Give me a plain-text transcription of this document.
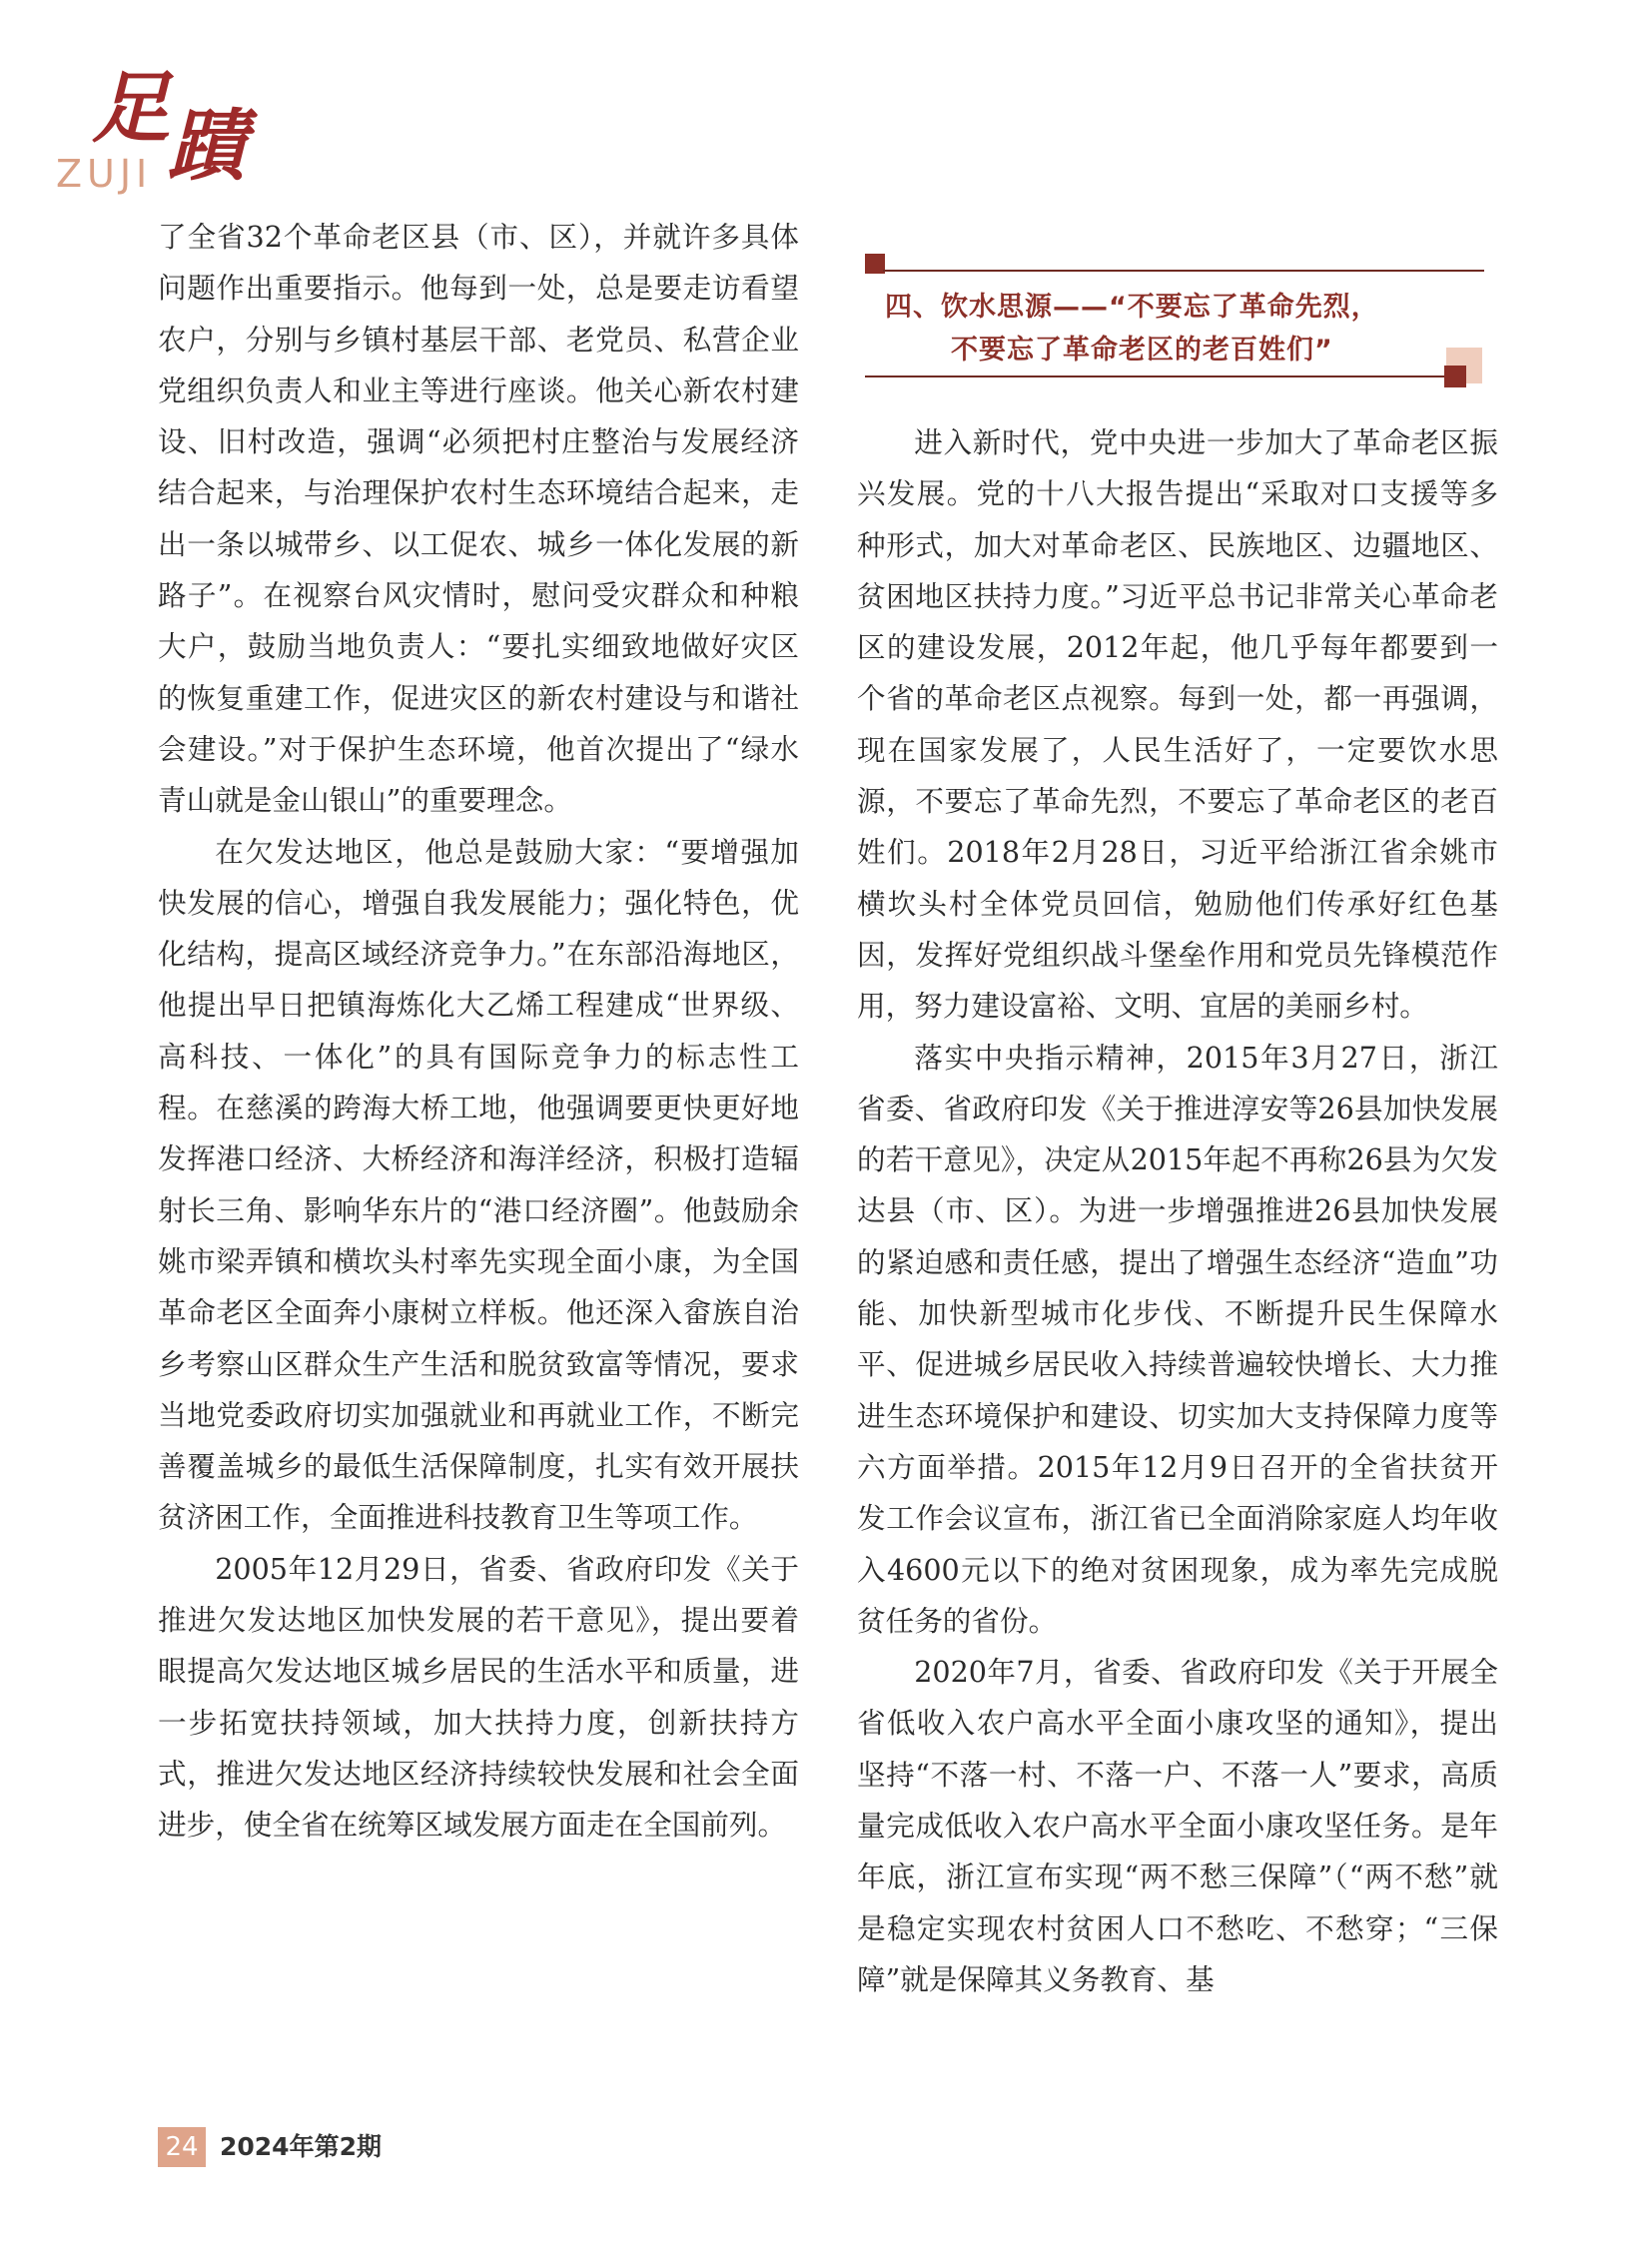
足蹟
ZUJI

了全省32个革命老区县（市、区），并就许多具体问题作出重要指示。他每到一处，总是要走访看望农户，分别与乡镇村基层干部、老党员、私营企业党组织负责人和业主等进行座谈。他关心新农村建设、旧村改造，强调“必须把村庄整治与发展经济结合起来，与治理保护农村生态环境结合起来，走出一条以城带乡、以工促农、城乡一体化发展的新路子”。在视察台风灾情时，慰问受灾群众和种粮大户，鼓励当地负责人：“要扎实细致地做好灾区的恢复重建工作，促进灾区的新农村建设与和谐社会建设。”对于保护生态环境，他首次提出了“绿水青山就是金山银山”的重要理念。

在欠发达地区，他总是鼓励大家：“要增强加快发展的信心，增强自我发展能力；强化特色，优化结构，提高区域经济竞争力。”在东部沿海地区，他提出早日把镇海炼化大乙烯工程建成“世界级、高科技、一体化”的具有国际竞争力的标志性工程。在慈溪的跨海大桥工地，他强调要更快更好地发挥港口经济、大桥经济和海洋经济，积极打造辐射长三角、影响华东片的“港口经济圈”。他鼓励余姚市梁弄镇和横坎头村率先实现全面小康，为全国革命老区全面奔小康树立样板。他还深入畲族自治乡考察山区群众生产生活和脱贫致富等情况，要求当地党委政府切实加强就业和再就业工作，不断完善覆盖城乡的最低生活保障制度，扎实有效开展扶贫济困工作，全面推进科技教育卫生等项工作。

2005年12月29日，省委、省政府印发《关于推进欠发达地区加快发展的若干意见》，提出要着眼提高欠发达地区城乡居民的生活水平和质量，进一步拓宽扶持领域，加大扶持力度，创新扶持方式，推进欠发达地区经济持续较快发展和社会全面进步，使全省在统筹区域发展方面走在全国前列。

四、饮水思源——“不要忘了革命先烈，
不要忘了革命老区的老百姓们”

进入新时代，党中央进一步加大了革命老区振兴发展。党的十八大报告提出“采取对口支援等多种形式，加大对革命老区、民族地区、边疆地区、贫困地区扶持力度。”习近平总书记非常关心革命老区的建设发展，2012年起，他几乎每年都要到一个省的革命老区点视察。每到一处，都一再强调，现在国家发展了，人民生活好了，一定要饮水思源，不要忘了革命先烈，不要忘了革命老区的老百姓们。2018年2月28日，习近平给浙江省余姚市横坎头村全体党员回信，勉励他们传承好红色基因，发挥好党组织战斗堡垒作用和党员先锋模范作用，努力建设富裕、文明、宜居的美丽乡村。

落实中央指示精神，2015年3月27日，浙江省委、省政府印发《关于推进淳安等26县加快发展的若干意见》，决定从2015年起不再称26县为欠发达县（市、区）。为进一步增强推进26县加快发展的紧迫感和责任感，提出了增强生态经济“造血”功能、加快新型城市化步伐、不断提升民生保障水平、促进城乡居民收入持续普遍较快增长、大力推进生态环境保护和建设、切实加大支持保障力度等六方面举措。2015年12月9日召开的全省扶贫开发工作会议宣布，浙江省已全面消除家庭人均年收入4600元以下的绝对贫困现象，成为率先完成脱贫任务的省份。

2020年7月，省委、省政府印发《关于开展全省低收入农户高水平全面小康攻坚的通知》，提出坚持“不落一村、不落一户、不落一人”要求，高质量完成低收入农户高水平全面小康攻坚任务。是年年底，浙江宣布实现“两不愁三保障”（“两不愁”就是稳定实现农村贫困人口不愁吃、不愁穿；“三保障”就是保障其义务教育、基

24 2024年第2期
